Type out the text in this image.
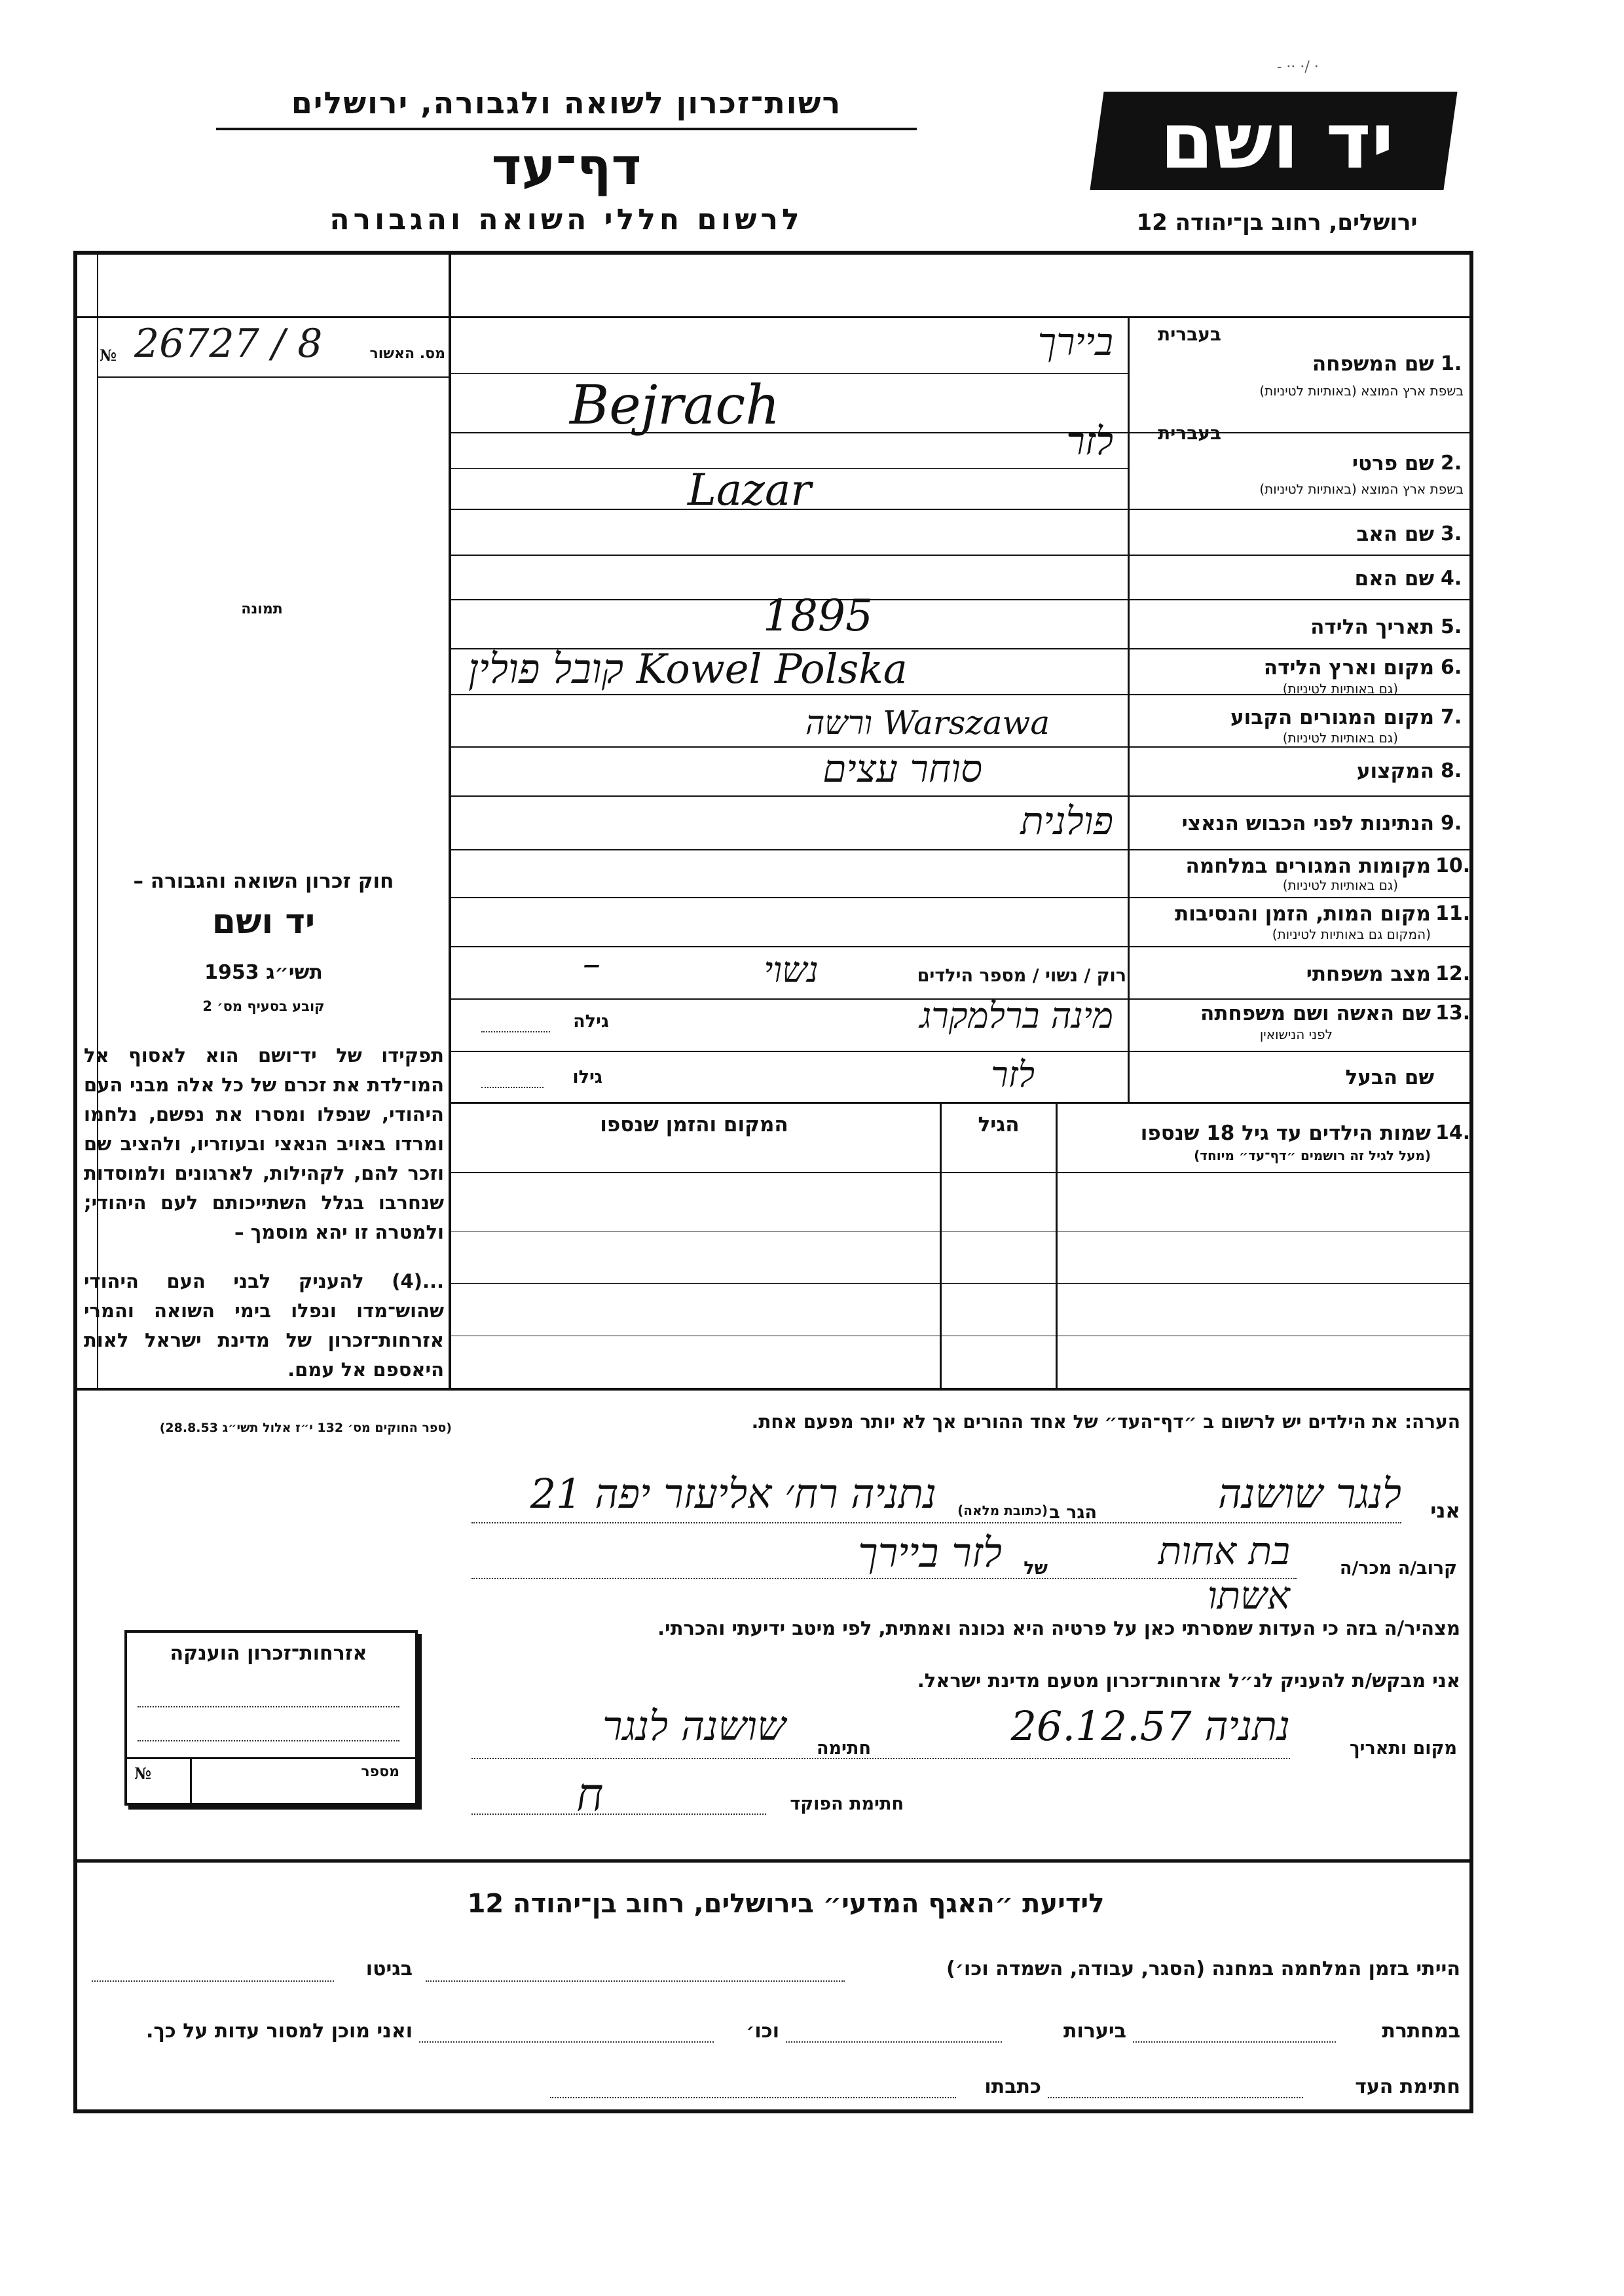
רשות־זכרון לשואה ולגבורה, ירושלים
דף־עד
לרשום חללי השואה והגבורה
יד ושם
ירושלים, רחוב בן־יהודה 12
- ·· ·/ ·
№ 26727 / 8	מס. האשור
תמונה
חוק זכרון השואה והגבורה –
יד ושם
תשי״ג 1953
קובע בסעיף מס׳ 2
תפקידו של יד־ושם הוא לאסוף אל המו־לדת את זכרם של כל אלה מבני העם היהודי, שנפלו ומסרו את נפשם, נלחמו ומרדו באויב הנאצי ובעוזריו, ולהציב שם וזכר להם, לקהילות, לארגונים ולמוסדות שנחרבו בגלל השתייכותם לעם היהודי; ולמטרה זו יהא מוסמך –
...(4) להעניק לבני העם היהודי שהוש־מדו ונפלו בימי השואה והמרי אזרחות־זכרון של מדינת ישראל לאות היאספם אל עמם.
(ספר החוקים מס׳ 132 י״ז אלול תשי״ג 28.8.53)
1.
שם המשפחה
בשפת ארץ המוצא (באותיות לטיניות)
בעברית
ביירך
Bejrach
2.
שם פרטי
בשפת ארץ המוצא (באותיות לטיניות)
בעברית
לזר
Lazar
3.
שם האב
4.
שם האם
5.
תאריך הלידה
1895
6.
מקום וארץ הלידה
(גם באותיות לטיניות)
קובל פולין Kowel Polska
7.
מקום המגורים הקבוע
(גם באותיות לטיניות)
ורשה Warszawa
8.
המקצוע
סוחר עצים
9.
הנתינות לפני הכבוש הנאצי
פולנית
10.
מקומות המגורים במלחמה
(גם באותיות לטיניות)
11.
מקום המות, הזמן והנסיבות
(המקום גם באותיות לטיניות)
12.
מצב משפחתי
רוק / נשוי / מספר הילדים
נשוי
–
13.
שם האשה ושם משפחתה
לפני הנישואין
מינה ברלמקרג
גילה
שם הבעל
לזר
גילו
14.
שמות הילדים עד גיל 18 שנספו
(מעל לגיל זה רושמים ״דף־עד״ מיוחד)
הגיל
המקום והזמן שנספו
הערה: את הילדים יש לרשום ב ״דף־העד״ של אחד ההורים אך לא יותר מפעם אחת.
אני
לנגר שושנה
הגר ב
(כתובת מלאה)
נתניה רח׳ אליעזר יפה 21
קרוב/ה מכר/ה
בת אחות אשתו
של
לזר ביירך
מצהיר/ה בזה כי העדות שמסרתי כאן על פרטיה היא נכונה ואמתית, לפי מיטב ידיעתי והכרתי.
אני מבקש/ת להעניק לנ״ל אזרחות־זכרון מטעם מדינת ישראל.
מקום ותאריך
נתניה 26.12.57
חתימה
שושנה לנגר
חתימת הפוקד
ח
אזרחות־זכרון הוענקה
№	מספר
לידיעת ״האגף המדעי״ בירושלים, רחוב בן־יהודה 12
הייתי בזמן המלחמה במחנה (הסגר, עבודה, השמדה וכו׳)
בגיטו
במחתרת
ביערות
וכו׳
ואני מוכן למסור עדות על כך.
חתימת העד
כתבתו
